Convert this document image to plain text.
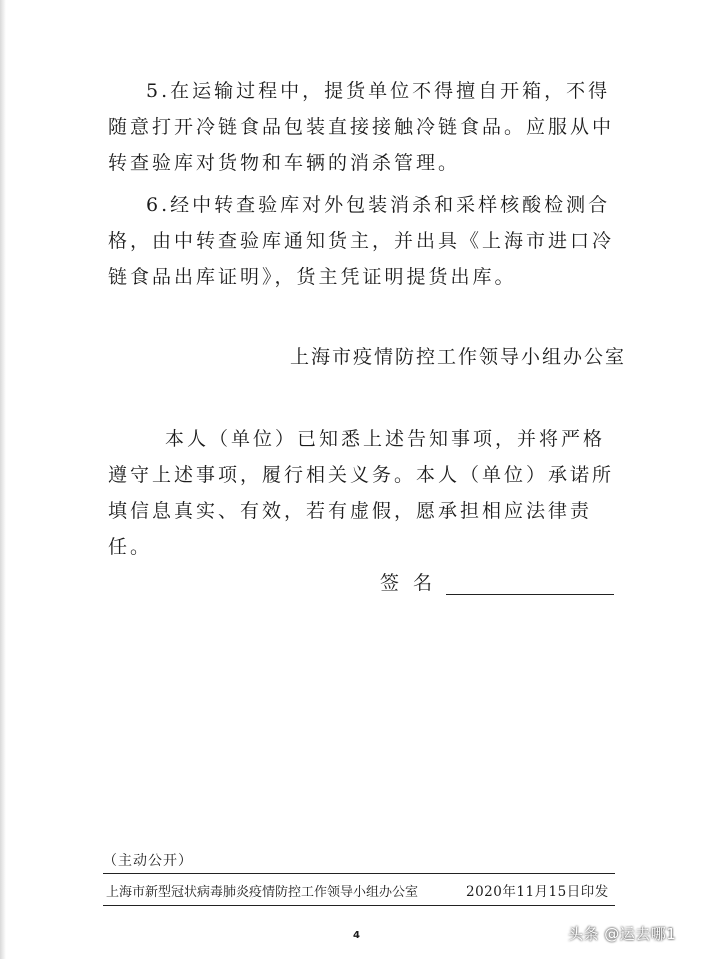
5.在运输过程中，提货单位不得擅自开箱，不得随意打开冷链食品包装直接接触冷链食品。应服从中转查验库对货物和车辆的消杀管理。

6.经中转查验库对外包装消杀和采样核酸检测合格，由中转查验库通知货主，并出具《上海市进口冷链食品出库证明》，货主凭证明提货出库。

上海市疫情防控工作领导小组办公室

本人（单位）已知悉上述告知事项，并将严格遵守上述事项，履行相关义务。本人（单位）承诺所填信息真实、有效，若有虚假，愿承担相应法律责任。

签名
（主动公开）
上海市新型冠状病毒肺炎疫情防控工作领导小组办公室	2020年11月15日印发
4	头条 @运去哪1
